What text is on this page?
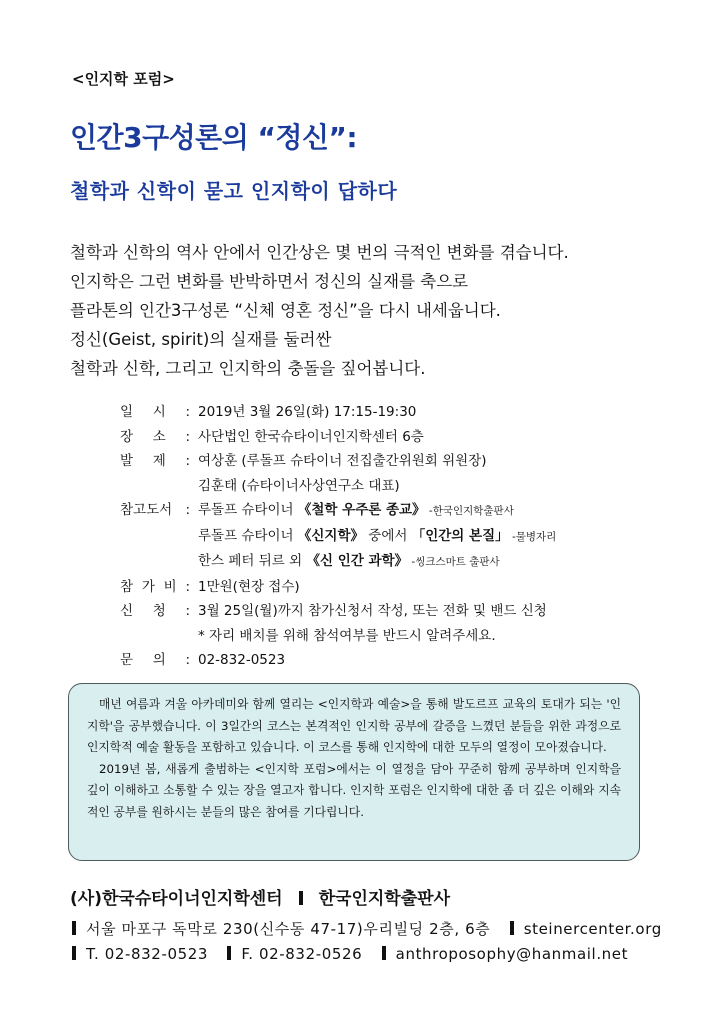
<인지학 포럼>
인간3구성론의 “정신”:
철학과 신학이 묻고 인지학이 답하다

철학과 신학의 역사 안에서 인간상은 몇 번의 극적인 변화를 겪습니다.

인지학은 그런 변화를 반박하면서 정신의 실재를 축으로

플라톤의 인간3구성론 “신체 영혼 정신”을 다시 내세웁니다.

정신(Geist, spirit)의 실재를 둘러싼

철학과 신학, 그리고 인지학의 충돌을 짚어봅니다.

일 시 : 2019년 3월 26일(화) 17:15-19:30
장 소 : 사단법인 한국슈타이너인지학센터 6층
발 제 : 여상훈 (루돌프 슈타이너 전집출간위원회 위원장)
김훈태 (슈타이너사상연구소 대표)
참고도서 : 루돌프 슈타이너 《철학 우주론 종교》 -한국인지학출판사
루돌프 슈타이너 《신지학》 중에서 「인간의 본질」 -물병자리
한스 페터 뒤르 외 《신 인간 과학》 -씽크스마트 출판사
참 가 비 : 1만원(현장 접수)
신 청 : 3월 25일(월)까지 참가신청서 작성, 또는 전화 및 밴드 신청
* 자리 배치를 위해 참석여부를 반드시 알려주세요.
문 의 : 02-832-0523

매년 여름과 겨울 아카데미와 함께 열리는 <인지학과 예술>을 통해 발도르프 교육의 토대가 되는 '인지학'을 공부했습니다. 이 3일간의 코스는 본격적인 인지학 공부에 갈증을 느꼈던 분들을 위한 과정으로 인지학적 예술 활동을 포함하고 있습니다. 이 코스를 통해 인지학에 대한 모두의 열정이 모아졌습니다.

2019년 봄, 새롭게 출범하는 <인지학 포럼>에서는 이 열정을 담아 꾸준히 함께 공부하며 인지학을 깊이 이해하고 소통할 수 있는 장을 열고자 합니다. 인지학 포럼은 인지학에 대한 좀 더 깊은 이해와 지속적인 공부를 원하시는 분들의 많은 참여를 기다립니다.

(사)한국슈타이너인지학센터 한국인지학출판사
서울 마포구 독막로 230(신수동 47-17)우리빌딩 2층, 6층 steinercenter.org
T. 02-832-0523 F. 02-832-0526 anthroposophy@hanmail.net
